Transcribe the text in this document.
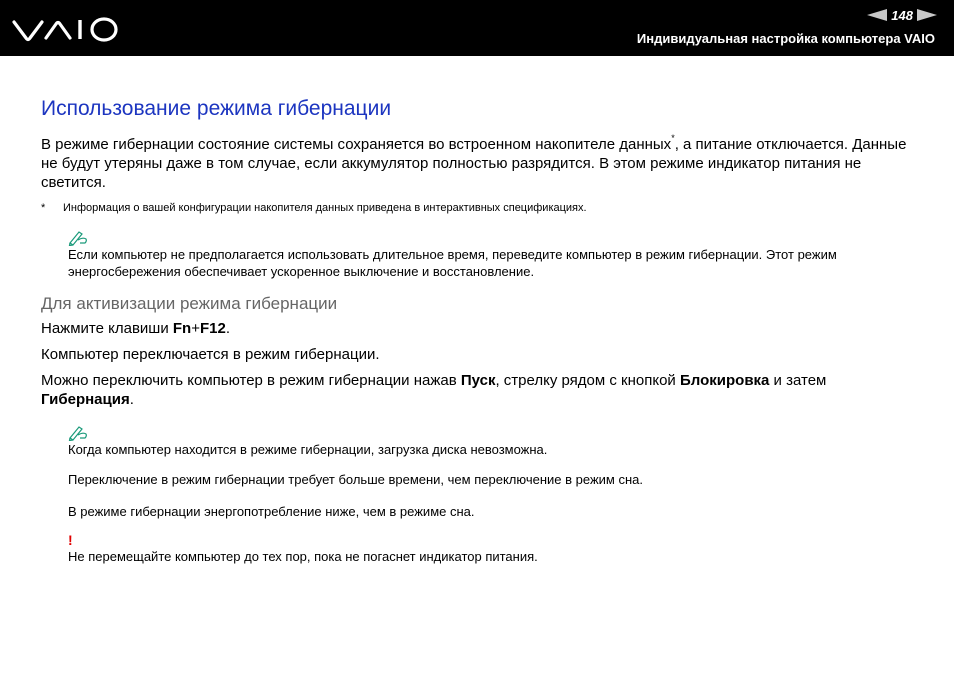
148
Индивидуальная настройка компьютера VAIO
Использование режима гибернации

В режиме гибернации состояние системы сохраняется во встроенном накопителе данных*, а питание отключается. Данные не будут утеряны даже в том случае, если аккумулятор полностью разрядится. В этом режиме индикатор питания не светится.

*	Информация о вашей конфигурации накопителя данных приведена в интерактивных спецификациях.

Если компьютер не предполагается использовать длительное время, переведите компьютер в режим гибернации. Этот режим энергосбережения обеспечивает ускоренное выключение и восстановление.

Для активизации режима гибернации

Нажмите клавиши Fn+F12.

Компьютер переключается в режим гибернации.

Можно переключить компьютер в режим гибернации нажав Пуск, стрелку рядом с кнопкой Блокировка и затем Гибернация.

Когда компьютер находится в режиме гибернации, загрузка диска невозможна.

Переключение в режим гибернации требует больше времени, чем переключение в режим сна.

В режиме гибернации энергопотребление ниже, чем в режиме сна.

!

Не перемещайте компьютер до тех пор, пока не погаснет индикатор питания.
